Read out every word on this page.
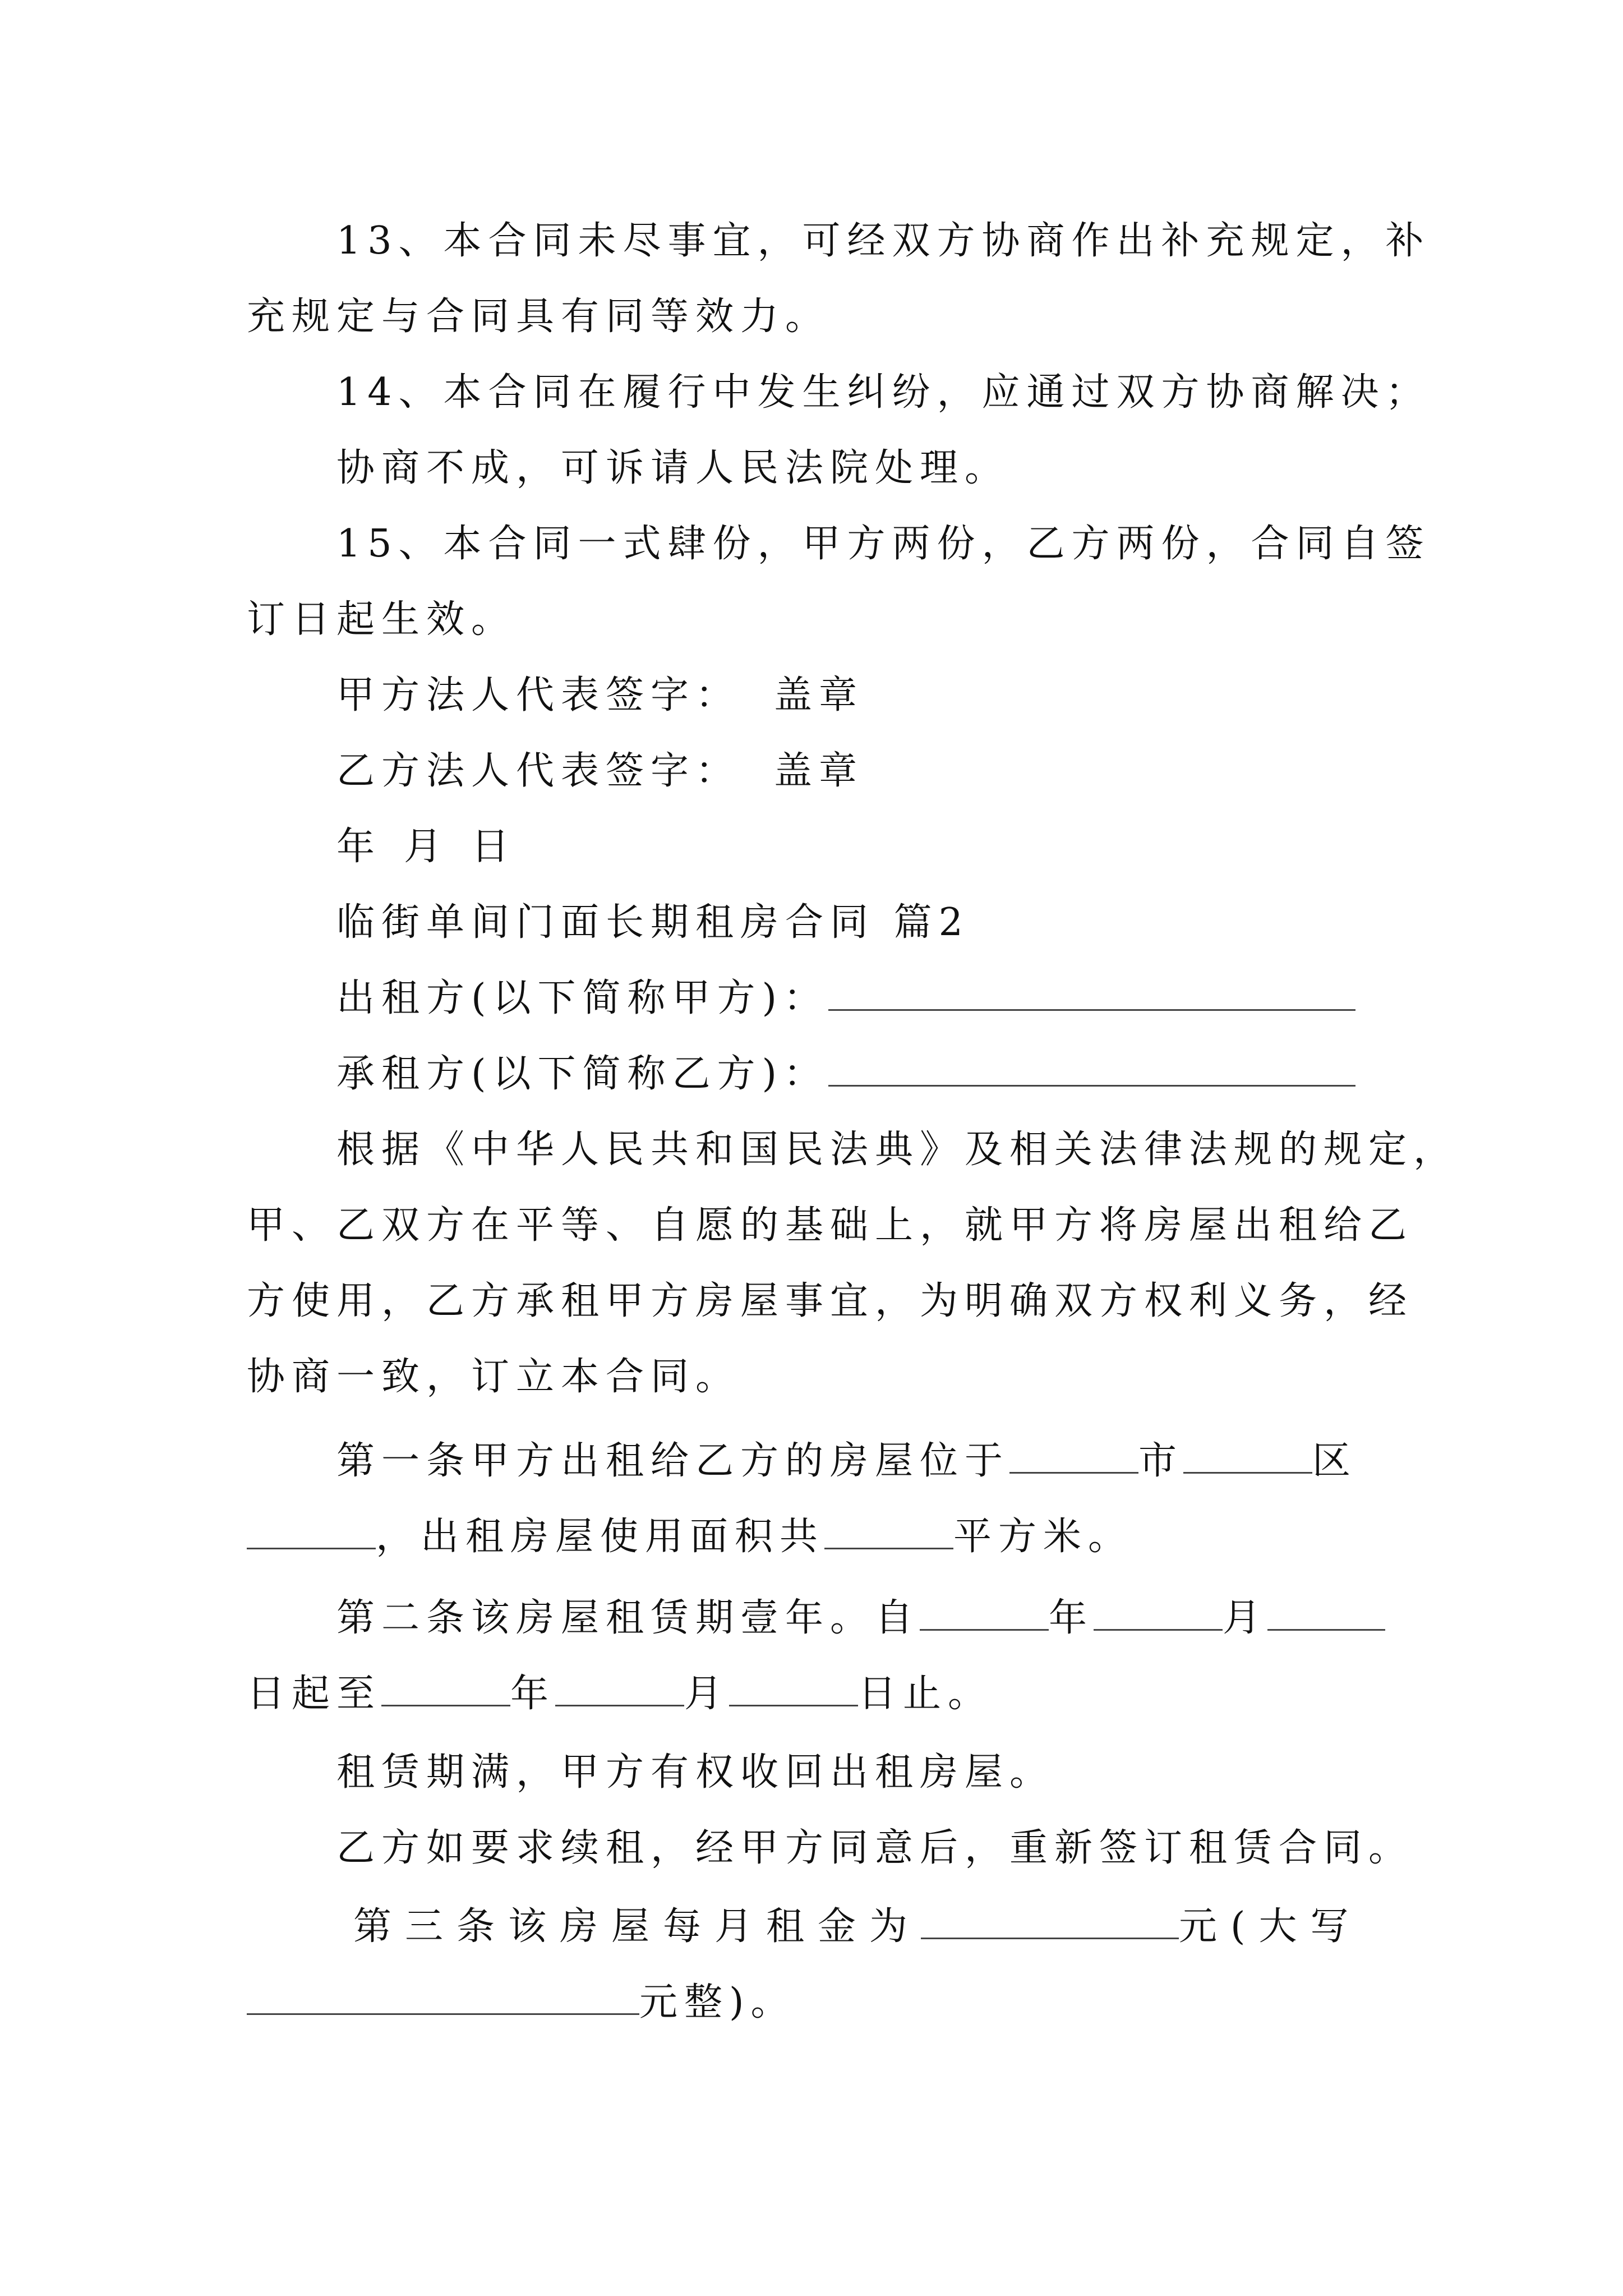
13、本合同未尽事宜，可经双方协商作出补充规定，补
充规定与合同具有同等效力。
14、本合同在履行中发生纠纷，应通过双方协商解决；
协商不成，可诉请人民法院处理。
15、本合同一式肆份，甲方两份，乙方两份，合同自签
订日起生效。
甲方法人代表签字： 盖章
乙方法人代表签字： 盖章
年 月 日
临街单间门面长期租房合同 篇2
出租方(以下简称甲方)：
承租方(以下简称乙方)：
根据《中华人民共和国民法典》及相关法律法规的规定，
甲、乙双方在平等、自愿的基础上，就甲方将房屋出租给乙
方使用，乙方承租甲方房屋事宜，为明确双方权利义务，经
协商一致，订立本合同。
第一条甲方出租给乙方的房屋位于	市	区
，出租房屋使用面积共	平方米。
第二条该房屋租赁期壹年。自	年	月
日起至	年	月	日止。
租赁期满，甲方有权收回出租房屋。
乙方如要求续租，经甲方同意后，重新签订租赁合同。
第三条该房屋每月租金为	元(大写
元整)。
